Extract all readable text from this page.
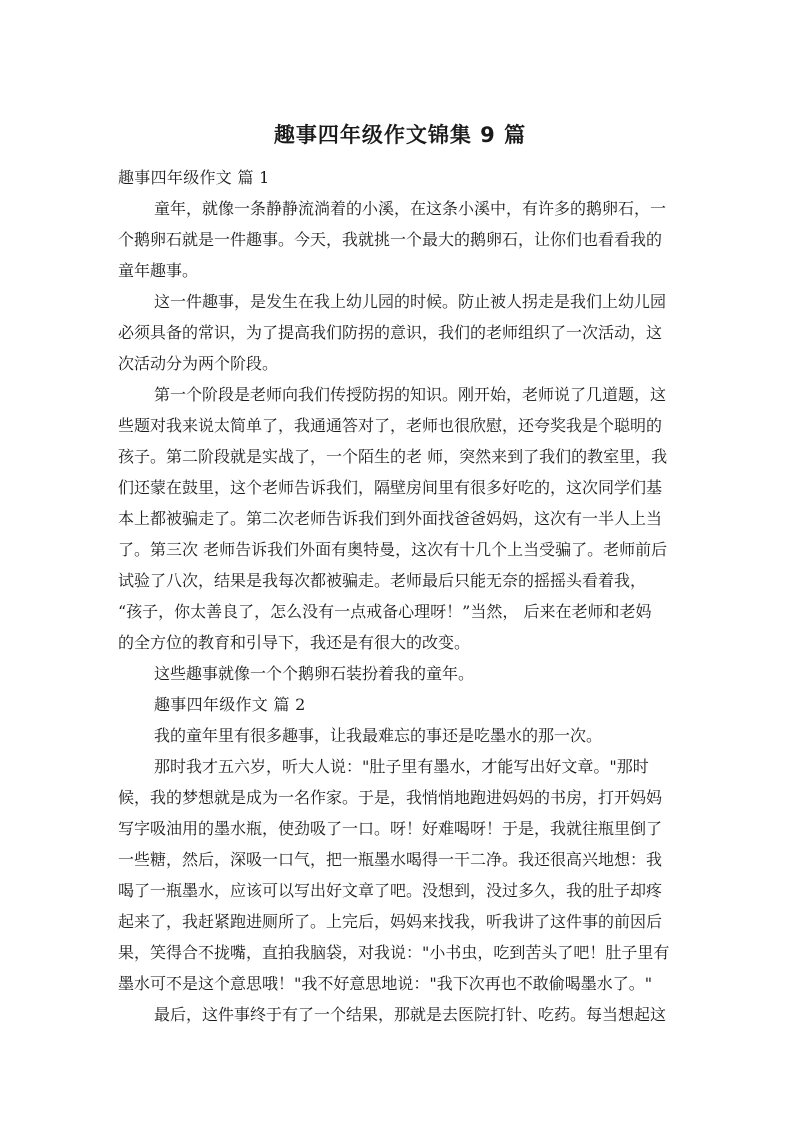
趣事四年级作文锦集 9 篇
趣事四年级作文 篇 1
童年，就像一条静静流淌着的小溪，在这条小溪中，有许多的鹅卵石，一
个鹅卵石就是一件趣事。今天，我就挑一个最大的鹅卵石，让你们也看看我的
童年趣事。
这一件趣事，是发生在我上幼儿园的时候。防止被人拐走是我们上幼儿园
必须具备的常识，为了提高我们防拐的意识，我们的老师组织了一次活动，这
次活动分为两个阶段。
第一个阶段是老师向我们传授防拐的知识。刚开始，老师说了几道题，这
些题对我来说太简单了，我通通答对了，老师也很欣慰，还夸奖我是个聪明的
孩子。第二阶段就是实战了，一个陌生的老 师，突然来到了我们的教室里，我
们还蒙在鼓里，这个老师告诉我们，隔壁房间里有很多好吃的，这次同学们基
本上都被骗走了。第二次老师告诉我们到外面找爸爸妈妈，这次有一半人上当
了。第三次 老师告诉我们外面有奥特曼，这次有十几个上当受骗了。老师前后
试验了八次，结果是我每次都被骗走。老师最后只能无奈的摇摇头看着我，
“孩子，你太善良了，怎么没有一点戒备心理呀！”当然， 后来在老师和老妈
的全方位的教育和引导下，我还是有很大的改变。
这些趣事就像一个个鹅卵石装扮着我的童年。
趣事四年级作文 篇 2
我的童年里有很多趣事，让我最难忘的事还是吃墨水的那一次。
那时我才五六岁，听大人说："肚子里有墨水，才能写出好文章。"那时
候，我的梦想就是成为一名作家。于是，我悄悄地跑进妈妈的书房，打开妈妈
写字吸油用的墨水瓶，使劲吸了一口。呀！好难喝呀！于是，我就往瓶里倒了
一些糖，然后，深吸一口气，把一瓶墨水喝得一干二净。我还很高兴地想：我
喝了一瓶墨水，应该可以写出好文章了吧。没想到，没过多久，我的肚子却疼
起来了，我赶紧跑进厕所了。上完后，妈妈来找我，听我讲了这件事的前因后
果，笑得合不拢嘴，直拍我脑袋，对我说："小书虫，吃到苦头了吧！肚子里有
墨水可不是这个意思哦！"我不好意思地说："我下次再也不敢偷喝墨水了。"
最后，这件事终于有了一个结果，那就是去医院打针、吃药。每当想起这
